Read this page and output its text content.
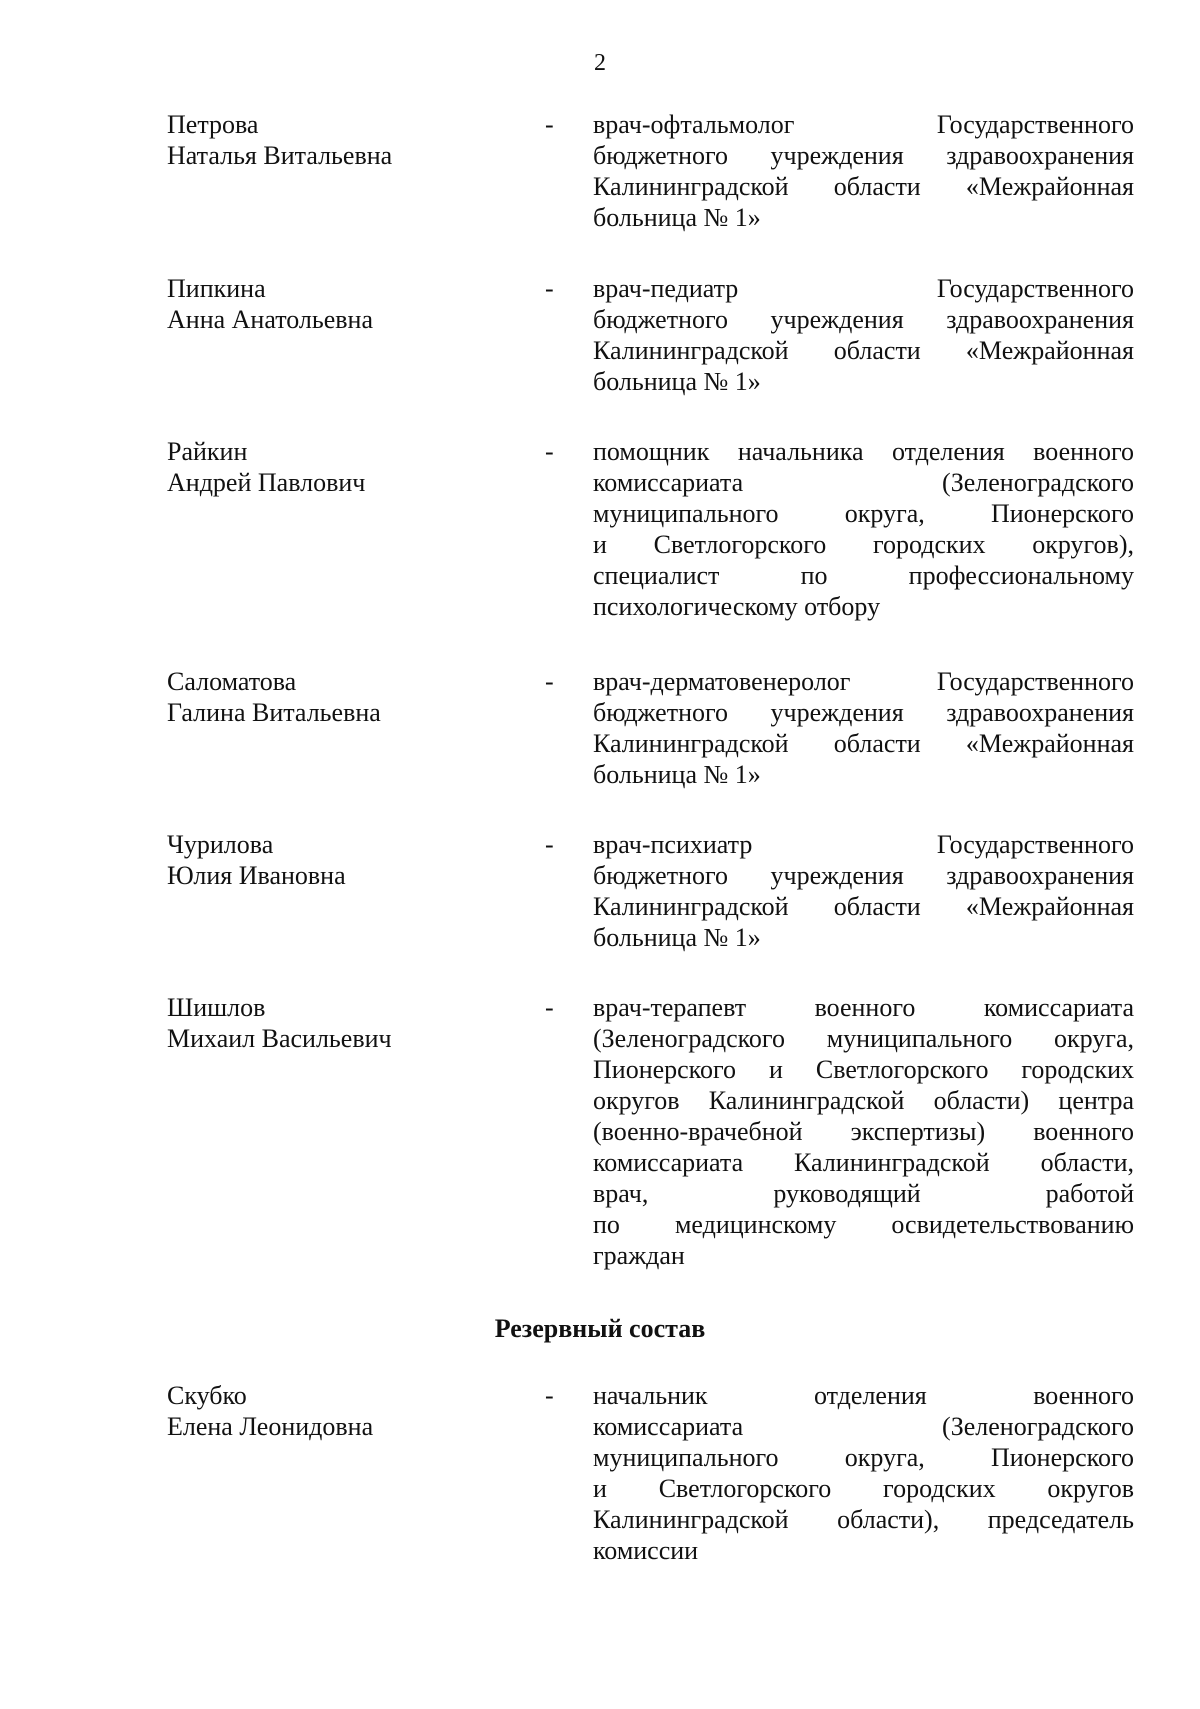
2
Петрова
Наталья Витальевна
- врач-офтальмолог Государственного
бюджетного учреждения здравоохранения
Калининградской области «Межрайонная
больница № 1»
Пипкина
Анна Анатольевна
- врач-педиатр Государственного
бюджетного учреждения здравоохранения
Калининградской области «Межрайонная
больница № 1»
Райкин
Андрей Павлович
- помощник начальника отделения военного
комиссариата (Зеленоградского
муниципального округа, Пионерского
и Светлогорского городских округов),
специалист по профессиональному
психологическому отбору
Саломатова
Галина Витальевна
- врач-дерматовенеролог Государственного
бюджетного учреждения здравоохранения
Калининградской области «Межрайонная
больница № 1»
Чурилова
Юлия Ивановна
- врач-психиатр Государственного
бюджетного учреждения здравоохранения
Калининградской области «Межрайонная
больница № 1»
Шишлов
Михаил Васильевич
- врач-терапевт военного комиссариата
(Зеленоградского муниципального округа,
Пионерского и Светлогорского городских
округов Калининградской области) центра
(военно-врачебной экспертизы) военного
комиссариата Калининградской области,
врач, руководящий работой
по медицинскому освидетельствованию
граждан
Резервный состав
Скубко
Елена Леонидовна
- начальник отделения военного
комиссариата (Зеленоградского
муниципального округа, Пионерского
и Светлогорского городских округов
Калининградской области), председатель
комиссии
